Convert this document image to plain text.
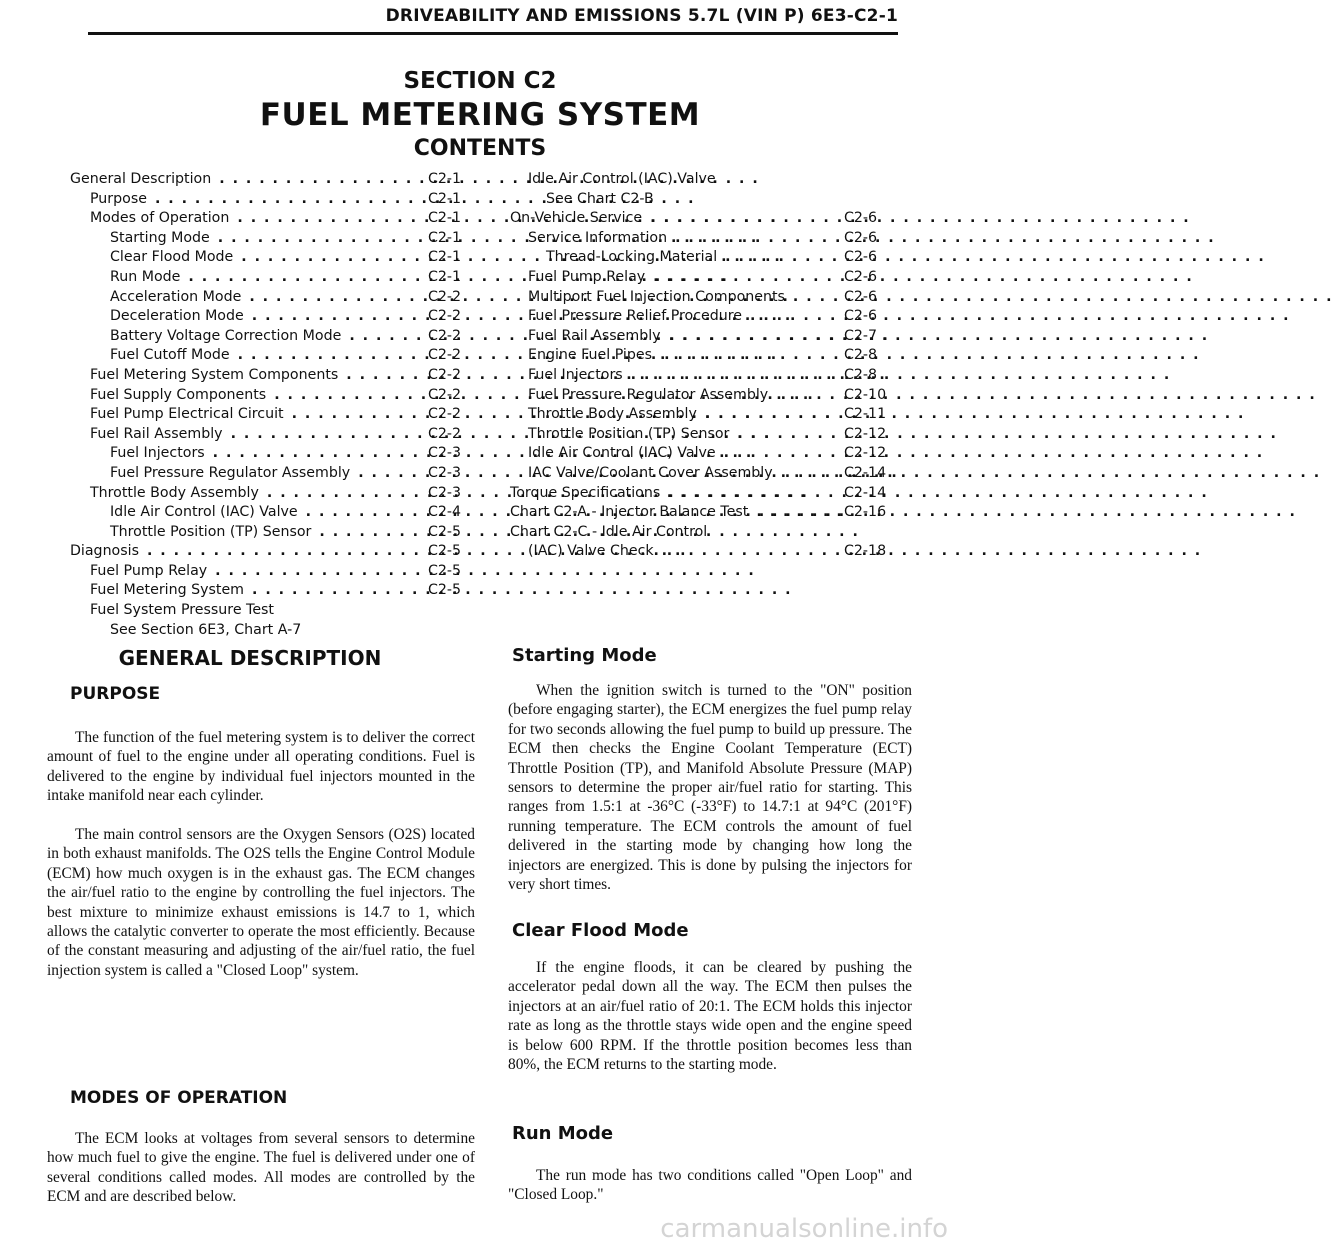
DRIVEABILITY AND EMISSIONS 5.7L (VIN P) 6E3-C2-1
SECTION C2
FUEL METERING SYSTEM
CONTENTS
General Description . . .	C2-1
Purpose . . .	C2-1
Modes of Operation . . .	C2-1
Starting Mode . . .	C2-1
Clear Flood Mode . . .	C2-1
Run Mode . . .	C2-1
Acceleration Mode . . .	C2-2
Deceleration Mode . . .	C2-2
Battery Voltage Correction Mode . . .	C2-2
Fuel Cutoff Mode . . .	C2-2
Fuel Metering System Components . . .	C2-2
Fuel Supply Components . . .	C2-2
Fuel Pump Electrical Circuit . . .	C2-2
Fuel Rail Assembly . . .	C2-2
Fuel Injectors . . .	C2-3
Fuel Pressure Regulator Assembly . . .	C2-3
Throttle Body Assembly . . .	C2-3
Idle Air Control (IAC) Valve . . .	C2-4
Throttle Position (TP) Sensor . . .	C2-5
Diagnosis . . .	C2-5
Fuel Pump Relay . . .	C2-5
Fuel Metering System . . .	C2-5
Fuel System Pressure Test
See Section 6E3, Chart A-7
Idle Air Control (IAC) Valve
See Chart C2-B
On-Vehicle Service . . .	C2-6
Service Information . . .	C2-6
Thread-Locking Material . . .	C2-6
Fuel Pump Relay . . .	C2-6
Multiport Fuel Injection Components . . .	C2-6
Fuel Pressure Relief Procedure . . .	C2-6
Fuel Rail Assembly . . .	C2-7
Engine Fuel Pipes . . .	C2-8
Fuel Injectors . . .	C2-8
Fuel Pressure Regulator Assembly . . .	C2-10
Throttle Body Assembly . . .	C2-11
Throttle Position (TP) Sensor . . .	C2-12
Idle Air Control (IAC) Valve . . .	C2-12
IAC Valve/Coolant Cover Assembly . . .	C2-14
Torque Specifications . . .	C2-14
Chart C2-A - Injector Balance Test . . .	C2-16
Chart C2-C - Idle Air Control
(IAC) Valve Check . . .	C2-18
GENERAL DESCRIPTION
PURPOSE

The function of the fuel metering system is to deliver the correct amount of fuel to the engine under all operating conditions. Fuel is delivered to the engine by individual fuel injectors mounted in the intake manifold near each cylinder.

The main control sensors are the Oxygen Sensors (O2S) located in both exhaust manifolds. The O2S tells the Engine Control Module (ECM) how much oxygen is in the exhaust gas. The ECM changes the air/fuel ratio to the engine by controlling the fuel injectors. The best mixture to minimize exhaust emissions is 14.7 to 1, which allows the catalytic converter to operate the most efficiently. Because of the constant measuring and adjusting of the air/fuel ratio, the fuel injection system is called a "Closed Loop" system.

MODES OF OPERATION

The ECM looks at voltages from several sensors to determine how much fuel to give the engine. The fuel is delivered under one of several conditions called modes. All modes are controlled by the ECM and are described below.

Starting Mode

When the ignition switch is turned to the "ON" position (before engaging starter), the ECM energizes the fuel pump relay for two seconds allowing the fuel pump to build up pressure. The ECM then checks the Engine Coolant Temperature (ECT) Throttle Position (TP), and Manifold Absolute Pressure (MAP) sensors to determine the proper air/fuel ratio for starting. This ranges from 1.5:1 at -36°C (-33°F) to 14.7:1 at 94°C (201°F) running temperature. The ECM controls the amount of fuel delivered in the starting mode by changing how long the injectors are energized. This is done by pulsing the injectors for very short times.

Clear Flood Mode

If the engine floods, it can be cleared by pushing the accelerator pedal down all the way. The ECM then pulses the injectors at an air/fuel ratio of 20:1. The ECM holds this injector rate as long as the throttle stays wide open and the engine speed is below 600 RPM. If the throttle position becomes less than 80%, the ECM returns to the starting mode.

Run Mode

The run mode has two conditions called "Open Loop" and "Closed Loop."

carmanualsonline.info
